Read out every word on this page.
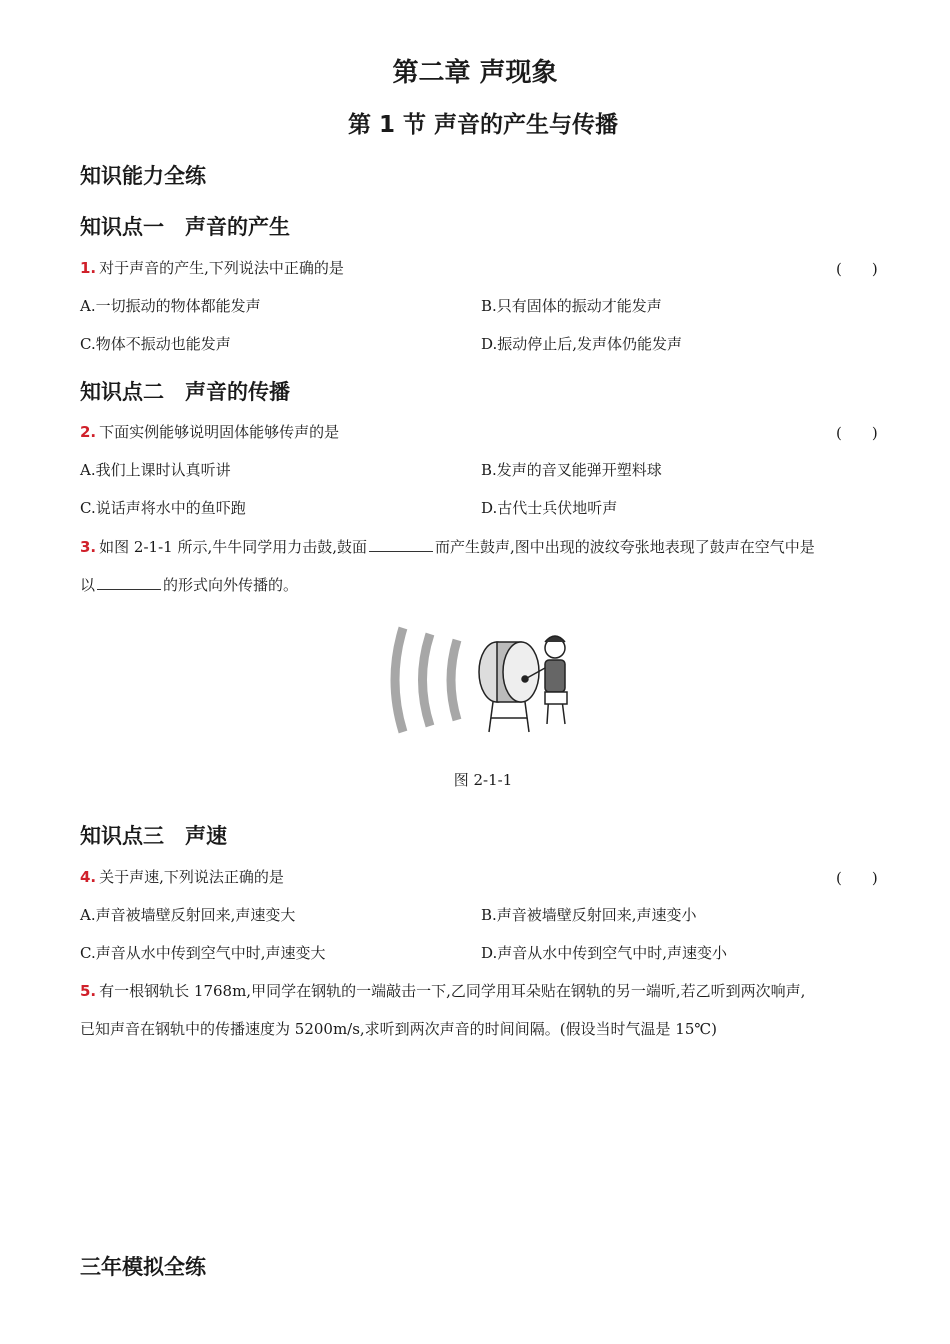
第二章 声现象
第 1 节 声音的产生与传播
知识能力全练
知识点一　声音的产生
1. 对于声音的产生,下列说法中正确的是	(　　)
A.一切振动的物体都能发声	B.只有固体的振动才能发声
C.物体不振动也能发声	D.振动停止后,发声体仍能发声
知识点二　声音的传播
2. 下面实例能够说明固体能够传声的是	(　　)
A.我们上课时认真听讲	B.发声的音叉能弹开塑料球
C.说话声将水中的鱼吓跑	D.古代士兵伏地听声
3. 如图 2-1-1 所示,牛牛同学用力击鼓,鼓面	而产生鼓声,图中出现的波纹夸张地表现了鼓声在空气中是
以	的形式向外传播的。
图 2-1-1
知识点三　声速
4. 关于声速,下列说法正确的是	(　　)
A.声音被墙壁反射回来,声速变大	B.声音被墙壁反射回来,声速变小
C.声音从水中传到空气中时,声速变大	D.声音从水中传到空气中时,声速变小
5. 有一根钢轨长 1768m,甲同学在钢轨的一端敲击一下,乙同学用耳朵贴在钢轨的另一端听,若乙听到两次响声,
已知声音在钢轨中的传播速度为 5200m/s,求听到两次声音的时间间隔。(假设当时气温是 15℃)
三年模拟全练
